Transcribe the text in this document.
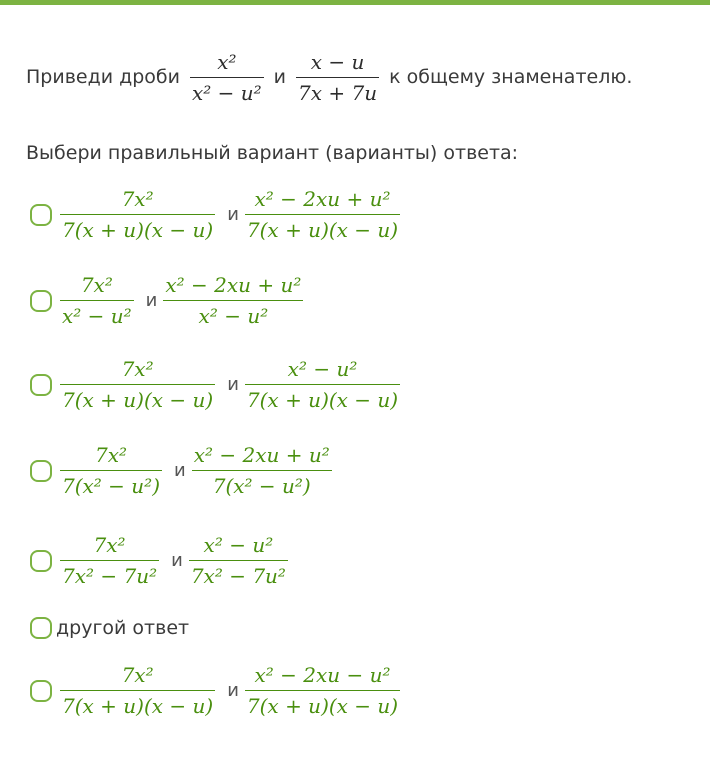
Приведи дроби
x²
x² − u²
и
x − u
7x + 7u
к общему знаменателю.
Выбери правильный вариант (варианты) ответа:
7x²
7(x + u)(x − u)
и
x² − 2xu + u²
7(x + u)(x − u)
7x²
x² − u²
и
x² − 2xu + u²
x² − u²
7x²
7(x + u)(x − u)
и
x² − u²
7(x + u)(x − u)
7x²
7(x² − u²)
и
x² − 2xu + u²
7(x² − u²)
7x²
7x² − 7u²
и
x² − u²
7x² − 7u²
другой ответ
7x²
7(x + u)(x − u)
и
x² − 2xu − u²
7(x + u)(x − u)
